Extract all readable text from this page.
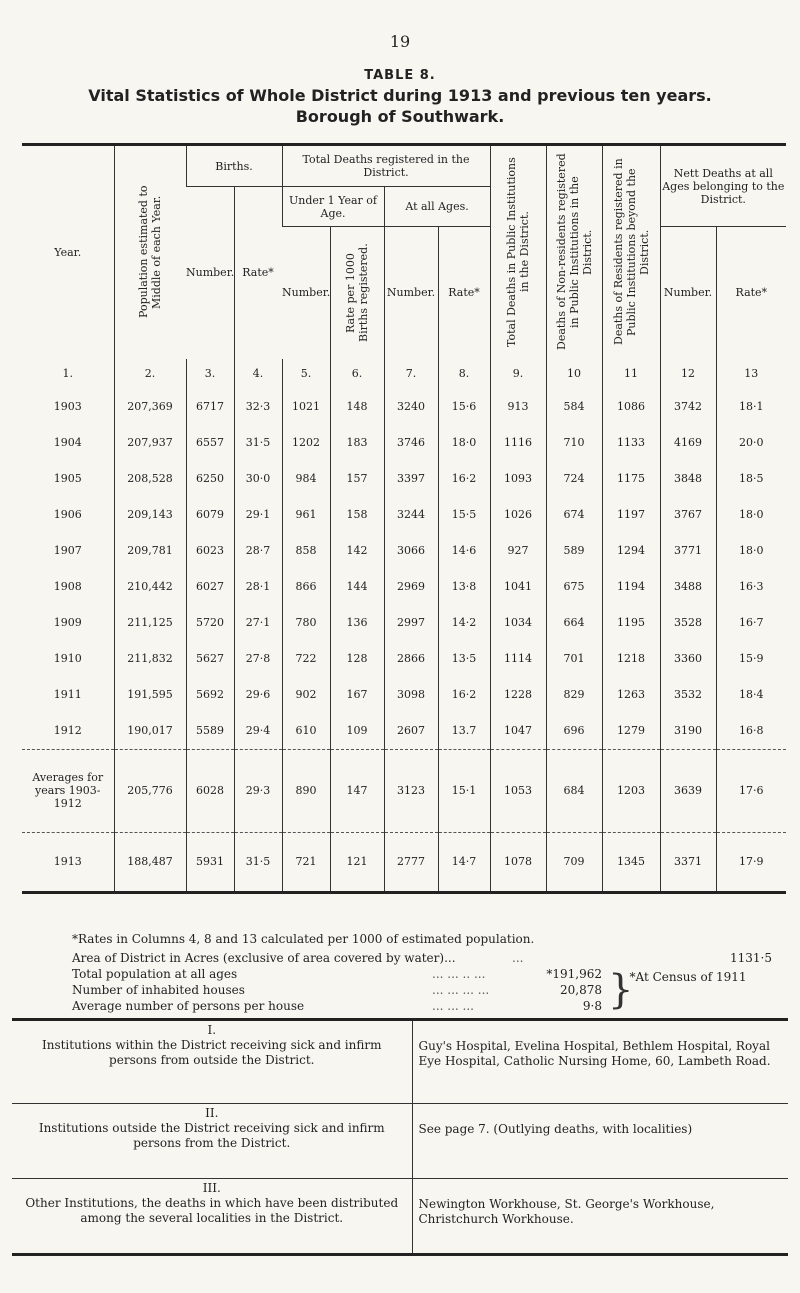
19
TABLE 8.
Vital Statistics of Whole District during 1913 and previous ten years.
Borough of Southwark.
Year.	Population estimated to Middle of each Year.	Births.		Total Deaths registered in the District.				Total Deaths in Public Institutions in the District.	Deaths of Non-residents registered in Public Institutions in the District.	Deaths of Residents registered in Public Institutions beyond the District.	Nett Deaths at all Ages belonging to the District.	
		Number.	Rate*	Under 1 Year of Age.		At all Ages.						
				Number.	Rate per 1000 Births registered.	Number.	Rate*				Number.	Rate*
1.	2.	3.	4.	5.	6.	7.	8.	9.	10	11	12	13
1903	207,369	6717	32·3	1021	148	3240	15·6	913	584	1086	3742	18·1
1904	207,937	6557	31·5	1202	183	3746	18·0	1116	710	1133	4169	20·0
1905	208,528	6250	30·0	984	157	3397	16·2	1093	724	1175	3848	18·5
1906	209,143	6079	29·1	961	158	3244	15·5	1026	674	1197	3767	18·0
1907	209,781	6023	28·7	858	142	3066	14·6	927	589	1294	3771	18·0
1908	210,442	6027	28·1	866	144	2969	13·8	1041	675	1194	3488	16·3
1909	211,125	5720	27·1	780	136	2997	14·2	1034	664	1195	3528	16·7
1910	211,832	5627	27·8	722	128	2866	13·5	1114	701	1218	3360	15·9
1911	191,595	5692	29·6	902	167	3098	16·2	1228	829	1263	3532	18·4
1912	190,017	5589	29·4	610	109	2607	13.7	1047	696	1279	3190	16·8
Averages for years 1903-1912	205,776	6028	29·3	890	147	3123	15·1	1053	684	1203	3639	17·6
1913	188,487	5931	31·5	721	121	2777	14·7	1078	709	1345	3371	17·9
*Rates in Columns 4, 8 and 13 calculated per 1000 of estimated population.
Area of District in Acres (exclusive of area covered by water)...	...	1131·5
Total population at all ages	... ... .. ...	*191,962
Number of inhabited houses	... ... ... ...	20,878
Average number of persons per house	... ... ...	9·8 }
*At Census of 1911
I.
Institutions within the District receiving sick and infirm persons from outside the District.	Guy's Hospital, Evelina Hospital, Bethlem Hospital, Royal Eye Hospital, Catholic Nursing Home, 60, Lambeth Road.

II.
Institutions outside the District receiving sick and infirm persons from the District.	See page 7. (Outlying deaths, with localities)

III.
Other Institutions, the deaths in which have been distributed among the several localities in the District.	Newington Workhouse, St. George's Workhouse, Christchurch Workhouse.
